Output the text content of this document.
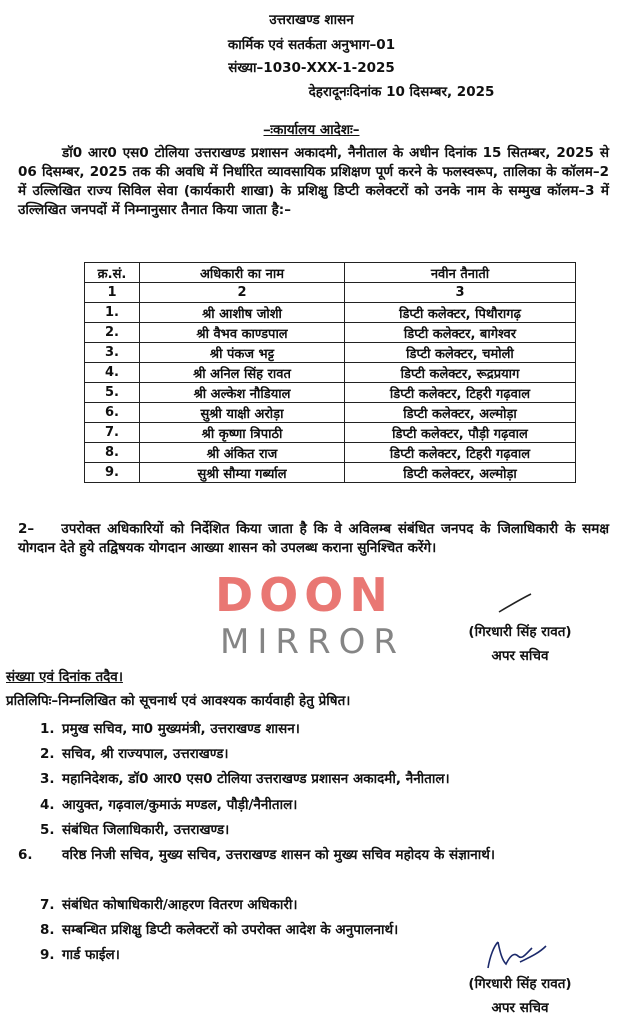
उत्तराखण्ड शासन
कार्मिक एवं सतर्कता अनुभाग–01
संख्या–1030-XXX-1-2025
देहरादूनःदिनांक 10 दिसम्बर, 2025
–ःकार्यालय आदेशः–
डॉ0 आर0 एस0 टोलिया उत्तराखण्ड प्रशासन अकादमी, नैनीताल के अधीन दिनांक 15 सितम्बर, 2025 से 06 दिसम्बर, 2025 तक की अवधि में निर्धारित व्यावसायिक प्रशिक्षण पूर्ण करने के फलस्वरूप, तालिका के कॉलम–2 में उल्लिखित राज्य सिविल सेवा (कार्यकारी शाखा) के प्रशिक्षु डिप्टी कलेक्टरों को उनके नाम के सम्मुख कॉलम–3 में उल्लिखित जनपदों में निम्नानुसार तैनात किया जाता है:–
क्र.सं.	अधिकारी का नाम	नवीन तैनाती
1	2	3
1.	श्री आशीष जोशी	डिप्टी कलेक्टर, पिथौरागढ़
2.	श्री वैभव काण्डपाल	डिप्टी कलेक्टर, बागेश्वर
3.	श्री पंकज भट्ट	डिप्टी कलेक्टर, चमोली
4.	श्री अनिल सिंह रावत	डिप्टी कलेक्टर, रूद्रप्रयाग
5.	श्री अल्केश नौडियाल	डिप्टी कलेक्टर, टिहरी गढ़वाल
6.	सुश्री याक्षी अरोड़ा	डिप्टी कलेक्टर, अल्मोड़ा
7.	श्री कृष्णा त्रिपाठी	डिप्टी कलेक्टर, पौड़ी गढ़वाल
8.	श्री अंकित राज	डिप्टी कलेक्टर, टिहरी गढ़वाल
9.	सुश्री सौम्या गर्ब्याल	डिप्टी कलेक्टर, अल्मोड़ा
2–    उपरोक्त अधिकारियों को निर्देशित किया जाता है कि वे अविलम्ब संबंधित जनपद के जिलाधिकारी के समक्ष योगदान देते हुये तद्विषयक योगदान आख्या शासन को उपलब्ध कराना सुनिश्चित करेंगे।
DOON
MIRROR	(गिरधारी सिंह रावत)
अपर सचिव
संख्या एवं दिनांक तदैव।
प्रतिलिपिः–निम्नलिखित को सूचनार्थ एवं आवश्यक कार्यवाही हेतु प्रेषित।
1. प्रमुख सचिव, मा0 मुख्यमंत्री, उत्तराखण्ड शासन।
2. सचिव, श्री राज्यपाल, उत्तराखण्ड।
3. महानिदेशक, डॉ0 आर0 एस0 टोलिया उत्तराखण्ड प्रशासन अकादमी, नैनीताल।
4. आयुक्त, गढ़वाल/कुमाऊं मण्डल, पौड़ी/नैनीताल।
5. संबंधित जिलाधिकारी, उत्तराखण्ड।
6. वरिष्ठ निजी सचिव, मुख्य सचिव, उत्तराखण्ड शासन को मुख्य सचिव महोदय के संज्ञानार्थ।
7. संबंधित कोषाधिकारी/आहरण वितरण अधिकारी।
8. सम्बन्धित प्रशिक्षु डिप्टी कलेक्टरों को उपरोक्त आदेश के अनुपालनार्थ।
9. गार्ड फाईल।
(गिरधारी सिंह रावत)
अपर सचिव
